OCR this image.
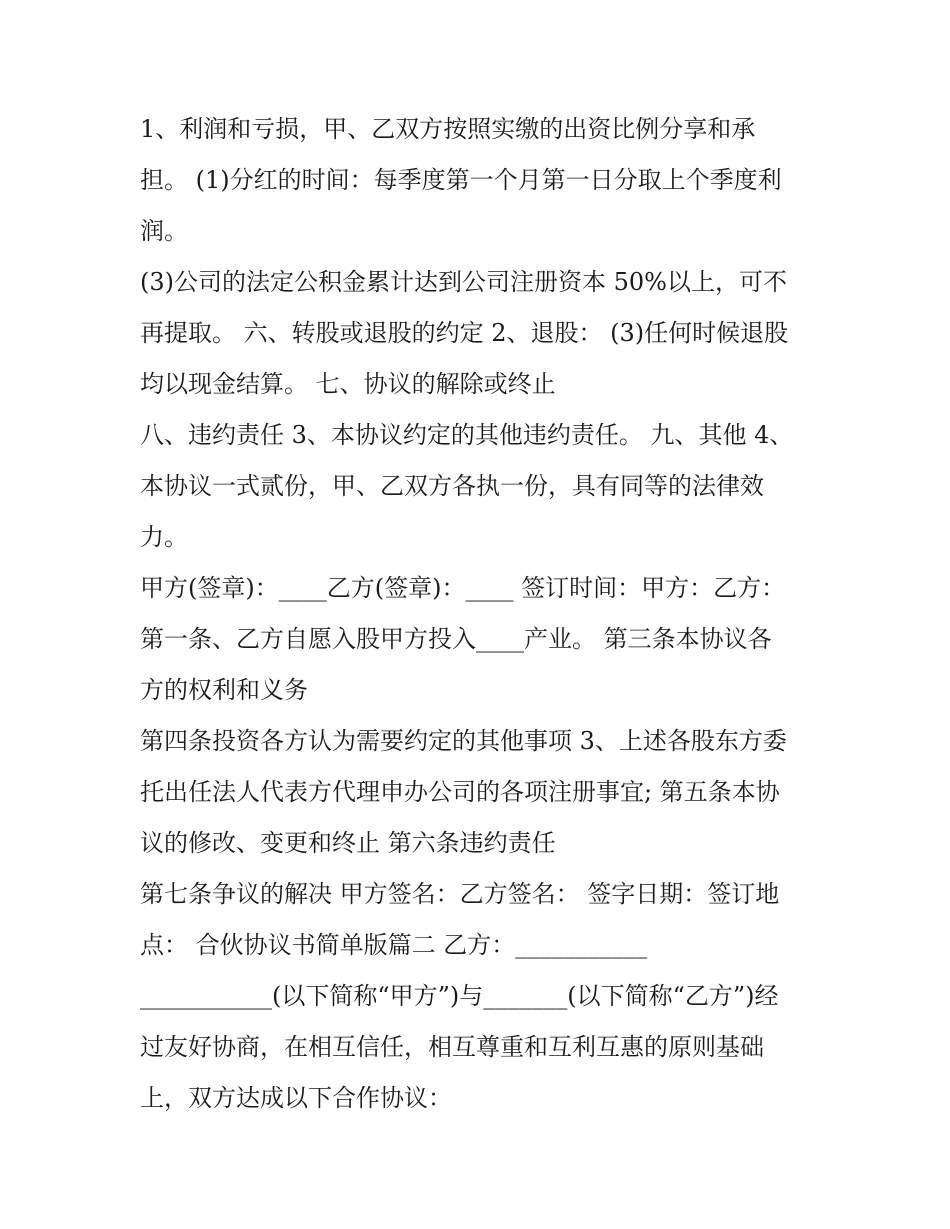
1、利润和亏损，甲、乙双方按照实缴的出资比例分享和承
担。 (1)分红的时间：每季度第一个月第一日分取上个季度利
润。
(3)公司的法定公积金累计达到公司注册资本 50%以上，可不
再提取。 六、转股或退股的约定 2、退股： (3)任何时候退股
均以现金结算。 七、协议的解除或终止
八、违约责任 3、本协议约定的其他违约责任。 九、其他 4、
本协议一式贰份，甲、乙双方各执一份，具有同等的法律效
力。
甲方(签章)：____乙方(签章)：____ 签订时间：甲方：乙方：
第一条、乙方自愿入股甲方投入____产业。 第三条本协议各
方的权利和义务
第四条投资各方认为需要约定的其他事项 3、上述各股东方委
托出任法人代表方代理申办公司的各项注册事宜; 第五条本协
议的修改、变更和终止 第六条违约责任
第七条争议的解决 甲方签名：乙方签名： 签字日期：签订地
点： 合伙协议书简单版篇二 乙方：___________
___________(以下简称“甲方”)与_______(以下简称“乙方”)经
过友好协商，在相互信任，相互尊重和互利互惠的原则基础
上，双方达成以下合作协议：
